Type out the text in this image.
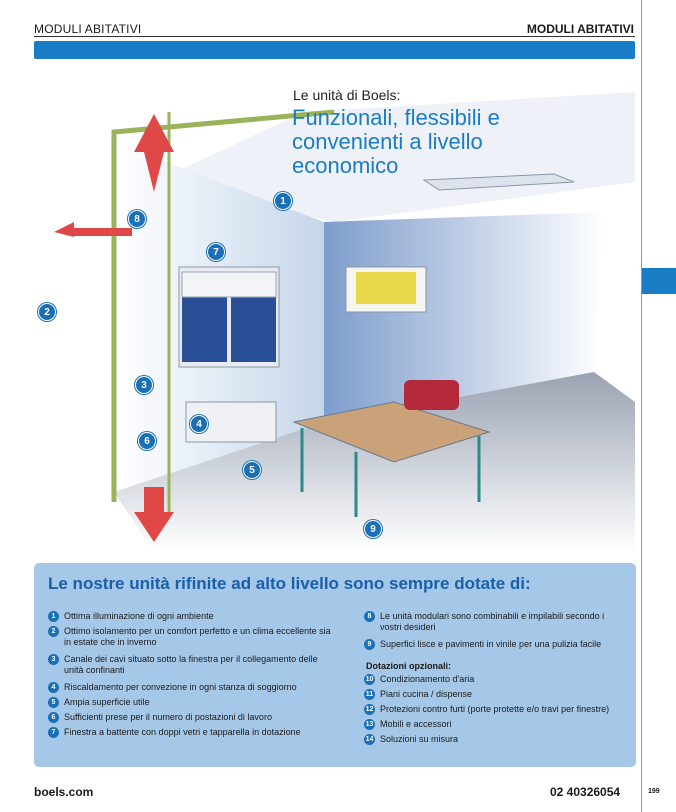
MODULI ABITATIVI	MODULI ABITATIVI
Le unità di Boels:
Funzionali, flessibili e convenienti a livello economico
1
2
3
4
5
6
7
8
9
Le nostre unità rifinite ad alto livello sono sempre dotate di:
1 Ottima illuminazione di ogni ambiente
2 Ottimo isolamento per un comfort perfetto e un clima eccellente sia in estate che in inverno
3 Canale dei cavi situato sotto la finestra per il collegamento delle unità confinanti
4 Riscaldamento per convezione in ogni stanza di soggiorno
5 Ampia superficie utile
6 Sufficienti prese per il numero di postazioni di lavoro
7 Finestra a battente con doppi vetri e tapparella in dotazione
8 Le unità modulari sono combinabili e impilabili secondo i vostri desideri
9 Superfici lisce e pavimenti in vinile per una pulizia facile
Dotazioni opzionali:
10 Condizionamento d'aria
11 Piani cucina / dispense
12 Protezioni contro furti (porte protette e/o travi per finestre)
13 Mobili e accessori
14 Soluzioni su misura
boels.com	02 40326054	199
